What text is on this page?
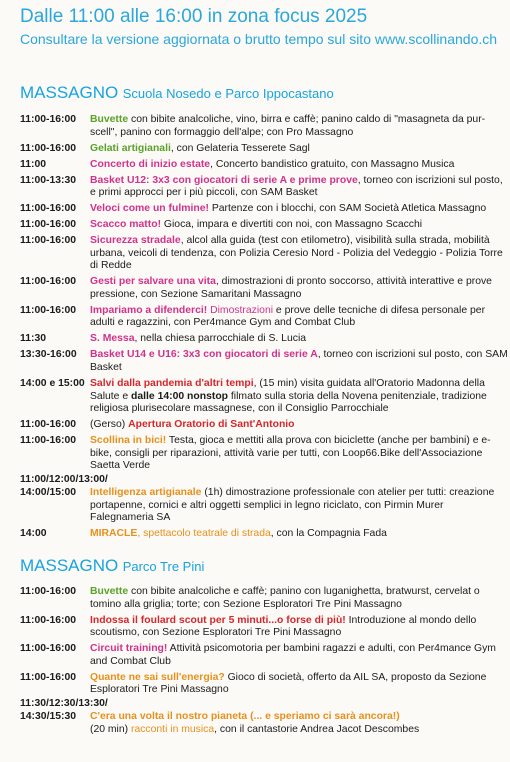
Dalle 11:00 alle 16:00 in zona focus 2025
Consultare la versione aggiornata o brutto tempo sul sito www.scollinando.ch
MASSAGNO Scuola Nosedo e Parco Ippocastano
11:00-16:00	Buvette con bibite analcoliche, vino, birra e caffè; panino caldo di "masagneta da pur-scell", panino con formaggio dell'alpe; con Pro Massagno
11:00-16:00	Gelati artigianali, con Gelateria Tesserete Sagl
11:00	Concerto di inizio estate, Concerto bandistico gratuito, con Massagno Musica
11:00-13:30	Basket U12: 3x3 con giocatori di serie A e prime prove, torneo con iscrizioni sul posto, e primi approcci per i più piccoli, con SAM Basket
11:00-16:00	Veloci come un fulmine! Partenze con i blocchi, con SAM Società Atletica Massagno
11:00-16:00	Scacco matto! Gioca, impara e divertiti con noi, con Massagno Scacchi
11:00-16:00	Sicurezza stradale, alcol alla guida (test con etilometro), visibilità sulla strada, mobilità urbana, veicoli di tendenza, con Polizia Ceresio Nord - Polizia del Vedeggio - Polizia Torre di Redde
11:00-16:00	Gesti per salvare una vita, dimostrazioni di pronto soccorso, attività interattive e prove pressione, con Sezione Samaritani Massagno
11:00-16:00	Impariamo a difenderci! Dimostrazioni e prove delle tecniche di difesa personale per adulti e ragazzini, con Per4mance Gym and Combat Club
11:30	S. Messa, nella chiesa parrocchiale di S. Lucia
13:30-16:00	Basket U14 e U16: 3x3 con giocatori di serie A, torneo con iscrizioni sul posto, con SAM Basket
14:00 e 15:00 Salvi dalla pandemia d'altri tempi, (15 min) visita guidata all'Oratorio Madonna della Salute e dalle 14:00 nonstop filmato sulla storia della Novena penitenziale, tradizione religiosa plurisecolare massagnese, con il Consiglio Parrocchiale
11:00-16:00	(Gerso) Apertura Oratorio di Sant'Antonio
11:00-16:00	Scollina in bici! Testa, gioca e mettiti alla prova con biciclette (anche per bambini) e e-bike, consigli per riparazioni, attività varie per tutti, con Loop66.Bike dell'Associazione Saetta Verde
11:00/12:00/13:00/
14:00/15:00	Intelligenza artigianale (1h) dimostrazione professionale con atelier per tutti: creazione portapenne, cornici e altri oggetti semplici in legno riciclato, con Pirmin Murer Falegnameria SA
14:00	MIRACLE, spettacolo teatrale di strada, con la Compagnia Fada
MASSAGNO Parco Tre Pini
11:00-16:00	Buvette con bibite analcoliche e caffè; panino con luganighetta, bratwurst, cervelat o tomino alla griglia; torte; con Sezione Esploratori Tre Pini Massagno
11:00-16:00	Indossa il foulard scout per 5 minuti...o forse di più! Introduzione al mondo dello scoutismo, con Sezione Esploratori Tre Pini Massagno
11:00-16:00	Circuit training! Attività psicomotoria per bambini ragazzi e adulti, con Per4mance Gym and Combat Club
11:00-16:00	Quante ne sai sull'energia? Gioco di società, offerto da AIL SA, proposto da Sezione Esploratori Tre Pini Massagno
11:30/12:30/13:30/
14:30/15:30	C'era una volta il nostro pianeta (... e speriamo ci sarà ancora!)
(20 min) racconti in musica, con il cantastorie Andrea Jacot Descombes
